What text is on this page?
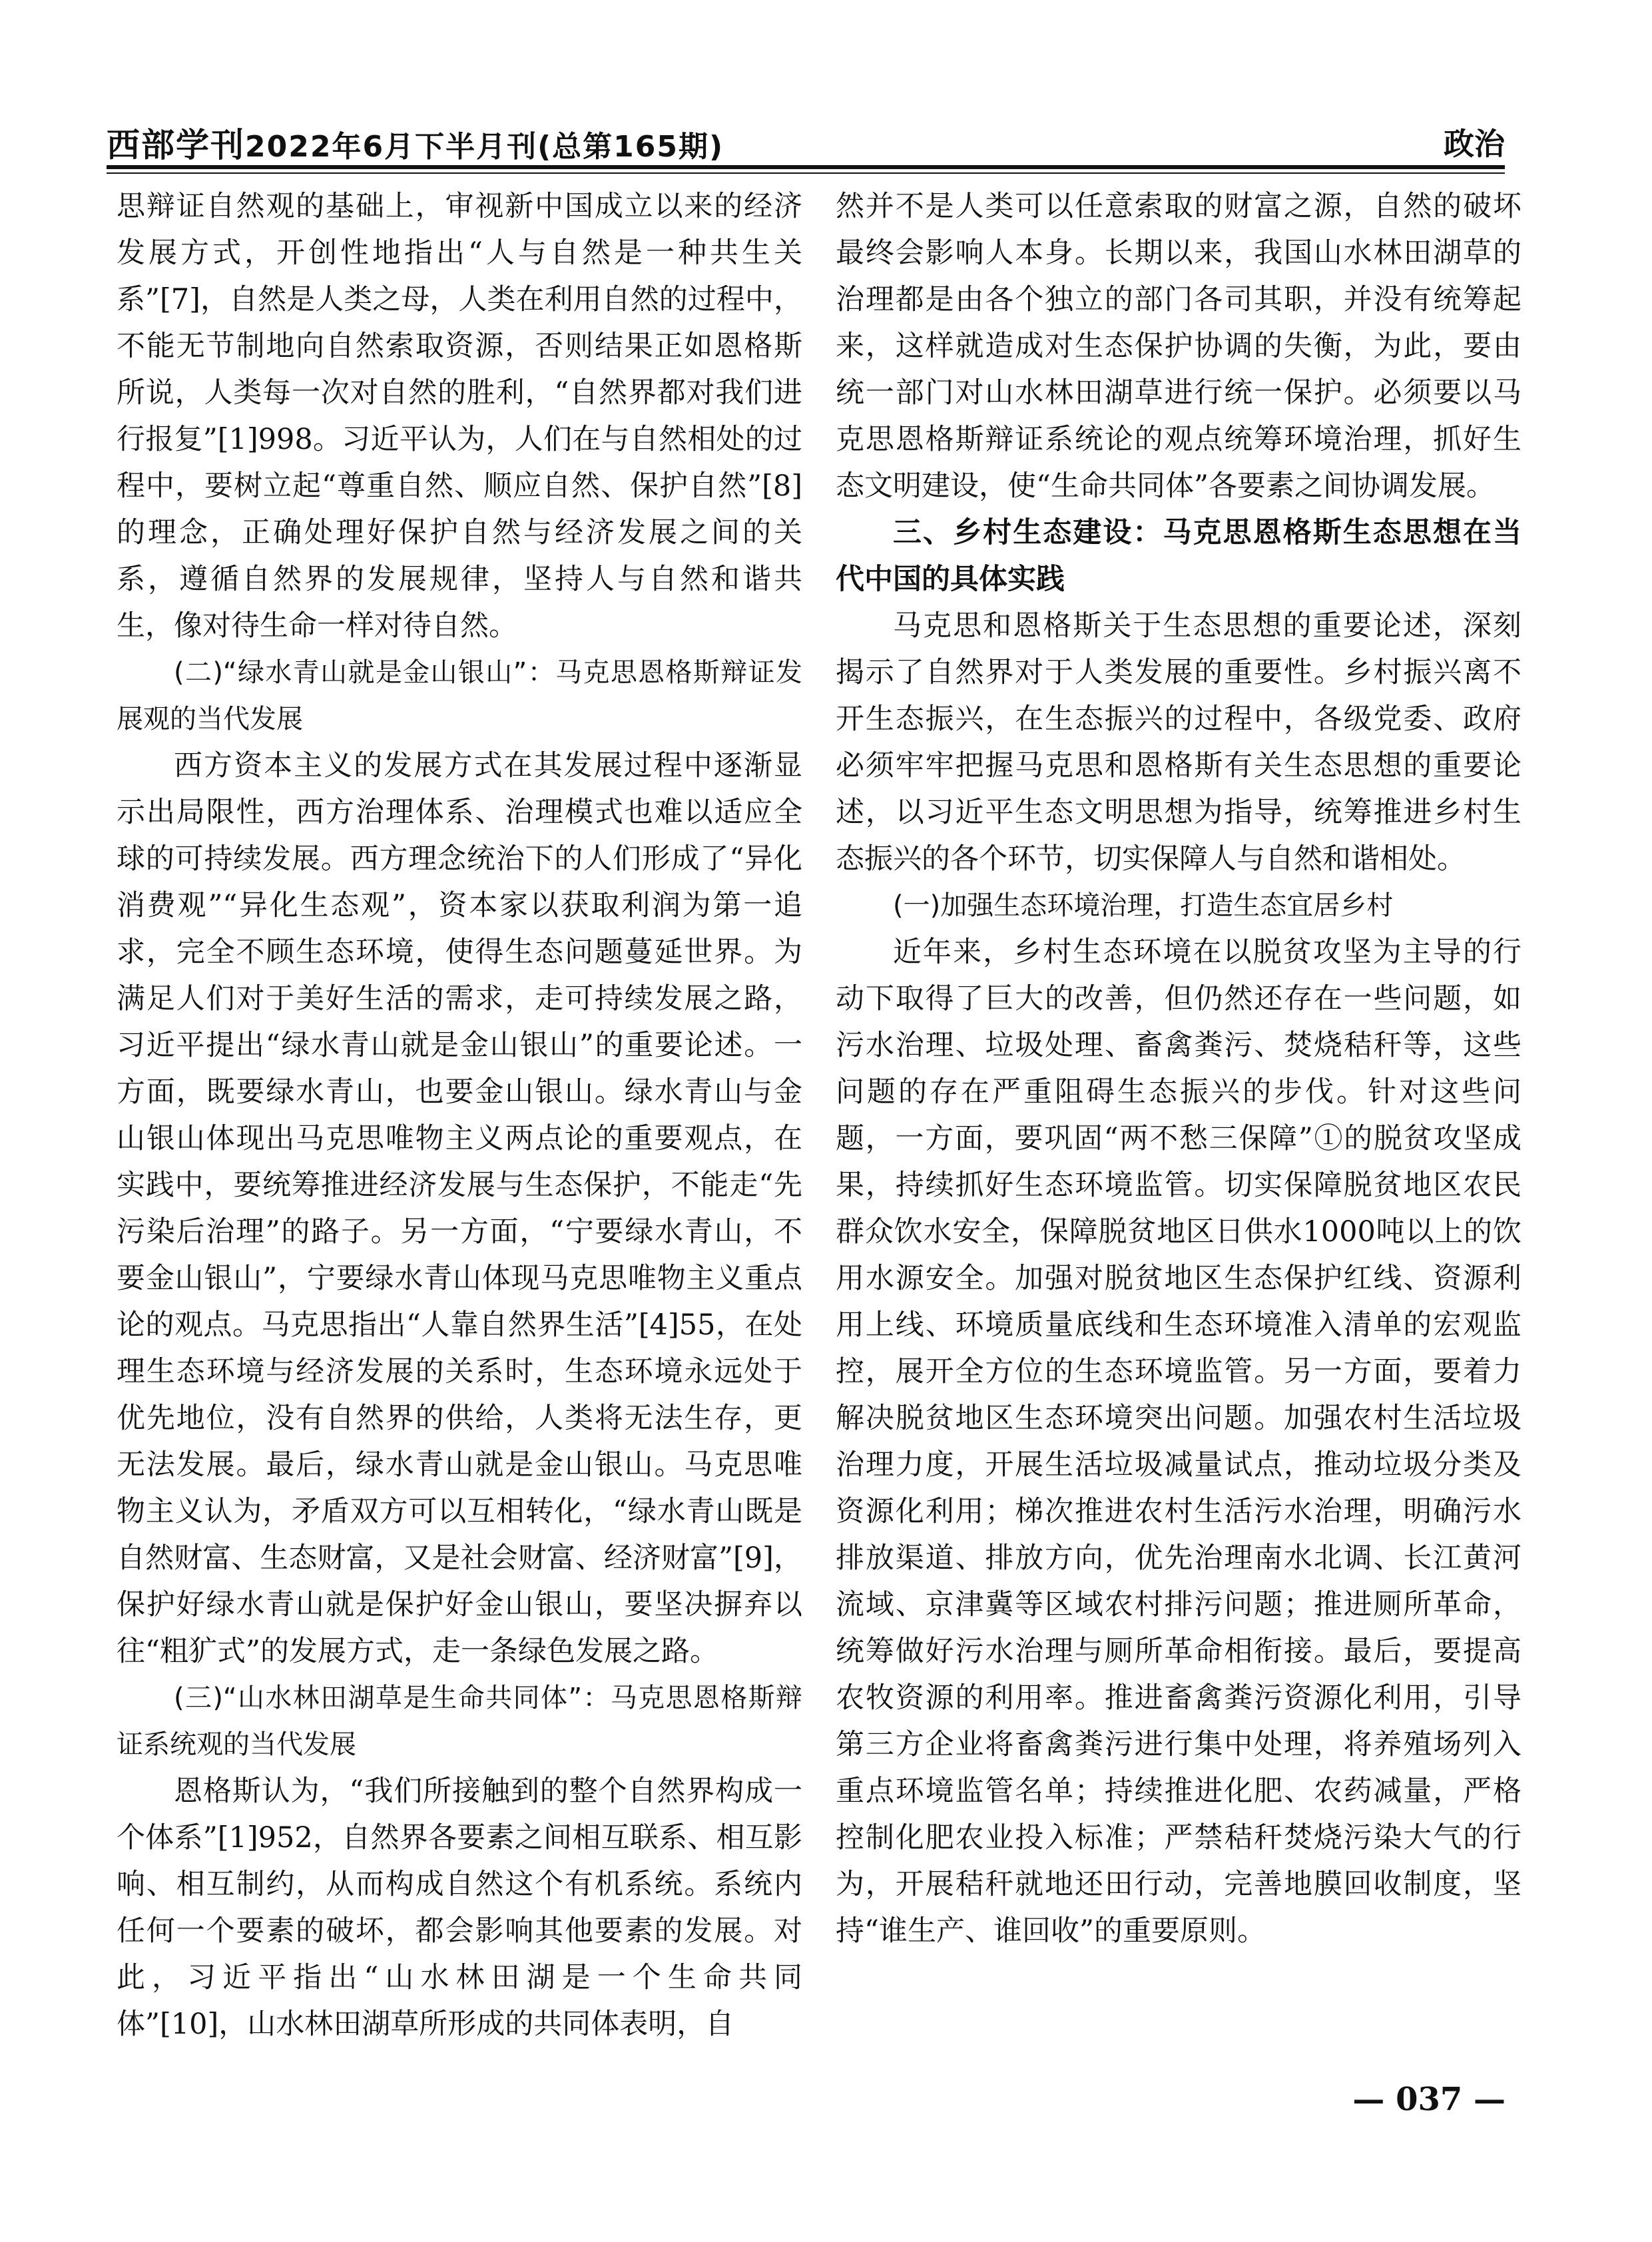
西部学刊2022年6月下半月刊(总第165期)	政治

思辩证自然观的基础上，审视新中国成立以来的经济发展方式，开创性地指出“人与自然是一种共生关系”[7]，自然是人类之母，人类在利用自然的过程中，不能无节制地向自然索取资源，否则结果正如恩格斯所说，人类每一次对自然的胜利，“自然界都对我们进行报复”[1]998。习近平认为，人们在与自然相处的过程中，要树立起“尊重自然、顺应自然、保护自然”[8]的理念，正确处理好保护自然与经济发展之间的关系，遵循自然界的发展规律，坚持人与自然和谐共生，像对待生命一样对待自然。

(二)“绿水青山就是金山银山”：马克思恩格斯辩证发展观的当代发展

西方资本主义的发展方式在其发展过程中逐渐显示出局限性，西方治理体系、治理模式也难以适应全球的可持续发展。西方理念统治下的人们形成了“异化消费观”“异化生态观”，资本家以获取利润为第一追求，完全不顾生态环境，使得生态问题蔓延世界。为满足人们对于美好生活的需求，走可持续发展之路，习近平提出“绿水青山就是金山银山”的重要论述。一方面，既要绿水青山，也要金山银山。绿水青山与金山银山体现出马克思唯物主义两点论的重要观点，在实践中，要统筹推进经济发展与生态保护，不能走“先污染后治理”的路子。另一方面，“宁要绿水青山，不要金山银山”，宁要绿水青山体现马克思唯物主义重点论的观点。马克思指出“人靠自然界生活”[4]55，在处理生态环境与经济发展的关系时，生态环境永远处于优先地位，没有自然界的供给，人类将无法生存，更无法发展。最后，绿水青山就是金山银山。马克思唯物主义认为，矛盾双方可以互相转化，“绿水青山既是自然财富、生态财富，又是社会财富、经济财富”[9]，保护好绿水青山就是保护好金山银山，要坚决摒弃以往“粗犷式”的发展方式，走一条绿色发展之路。

(三)“山水林田湖草是生命共同体”：马克思恩格斯辩证系统观的当代发展

恩格斯认为，“我们所接触到的整个自然界构成一个体系”[1]952，自然界各要素之间相互联系、相互影响、相互制约，从而构成自然这个有机系统。系统内任何一个要素的破坏，都会影响其他要素的发展。对此，习近平指出“山水林田湖是一个生命共同体”[10]，山水林田湖草所形成的共同体表明，自

然并不是人类可以任意索取的财富之源，自然的破坏最终会影响人本身。长期以来，我国山水林田湖草的治理都是由各个独立的部门各司其职，并没有统筹起来，这样就造成对生态保护协调的失衡，为此，要由统一部门对山水林田湖草进行统一保护。必须要以马克思恩格斯辩证系统论的观点统筹环境治理，抓好生态文明建设，使“生命共同体”各要素之间协调发展。

三、乡村生态建设：马克思恩格斯生态思想在当代中国的具体实践

马克思和恩格斯关于生态思想的重要论述，深刻揭示了自然界对于人类发展的重要性。乡村振兴离不开生态振兴，在生态振兴的过程中，各级党委、政府必须牢牢把握马克思和恩格斯有关生态思想的重要论述，以习近平生态文明思想为指导，统筹推进乡村生态振兴的各个环节，切实保障人与自然和谐相处。

(一)加强生态环境治理，打造生态宜居乡村

近年来，乡村生态环境在以脱贫攻坚为主导的行动下取得了巨大的改善，但仍然还存在一些问题，如污水治理、垃圾处理、畜禽粪污、焚烧秸秆等，这些问题的存在严重阻碍生态振兴的步伐。针对这些问题，一方面，要巩固“两不愁三保障”①的脱贫攻坚成果，持续抓好生态环境监管。切实保障脱贫地区农民群众饮水安全，保障脱贫地区日供水1000吨以上的饮用水源安全。加强对脱贫地区生态保护红线、资源利用上线、环境质量底线和生态环境准入清单的宏观监控，展开全方位的生态环境监管。另一方面，要着力解决脱贫地区生态环境突出问题。加强农村生活垃圾治理力度，开展生活垃圾减量试点，推动垃圾分类及资源化利用；梯次推进农村生活污水治理，明确污水排放渠道、排放方向，优先治理南水北调、长江黄河流域、京津冀等区域农村排污问题；推进厕所革命，统筹做好污水治理与厕所革命相衔接。最后，要提高农牧资源的利用率。推进畜禽粪污资源化利用，引导第三方企业将畜禽粪污进行集中处理，将养殖场列入重点环境监管名单；持续推进化肥、农药减量，严格控制化肥农业投入标准；严禁秸秆焚烧污染大气的行为，开展秸秆就地还田行动，完善地膜回收制度，坚持“谁生产、谁回收”的重要原则。

— 037 —
